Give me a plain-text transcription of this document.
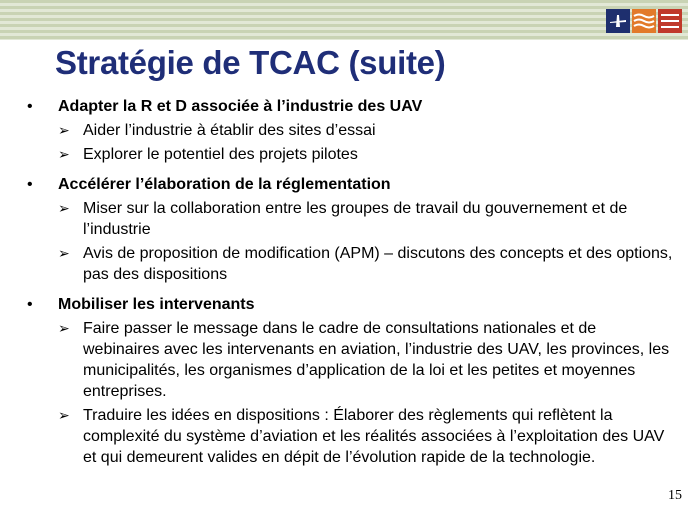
Stratégie de TCAC (suite)
•	Adapter la R et D associée à l’industrie des UAV
➢ Aider l’industrie à établir des sites d’essai
➢ Explorer le potentiel des projets pilotes
•	Accélérer l’élaboration de la réglementation
➢ Miser sur la collaboration entre les groupes de travail du gouvernement et de l’industrie
➢ Avis de proposition de modification (APM) – discutons des concepts et des options, pas des dispositions
•	Mobiliser les intervenants
➢ Faire passer le message dans le cadre de consultations nationales et de webinaires avec les intervenants en aviation, l’industrie des UAV, les provinces, les municipalités, les organismes d’application de la loi et les petites et moyennes entreprises.
➢ Traduire les idées en dispositions : Élaborer des règlements qui reflètent la complexité du système d’aviation et les réalités associées à l’exploitation des UAV et qui demeurent valides en dépit de l’évolution rapide de la technologie.
15
